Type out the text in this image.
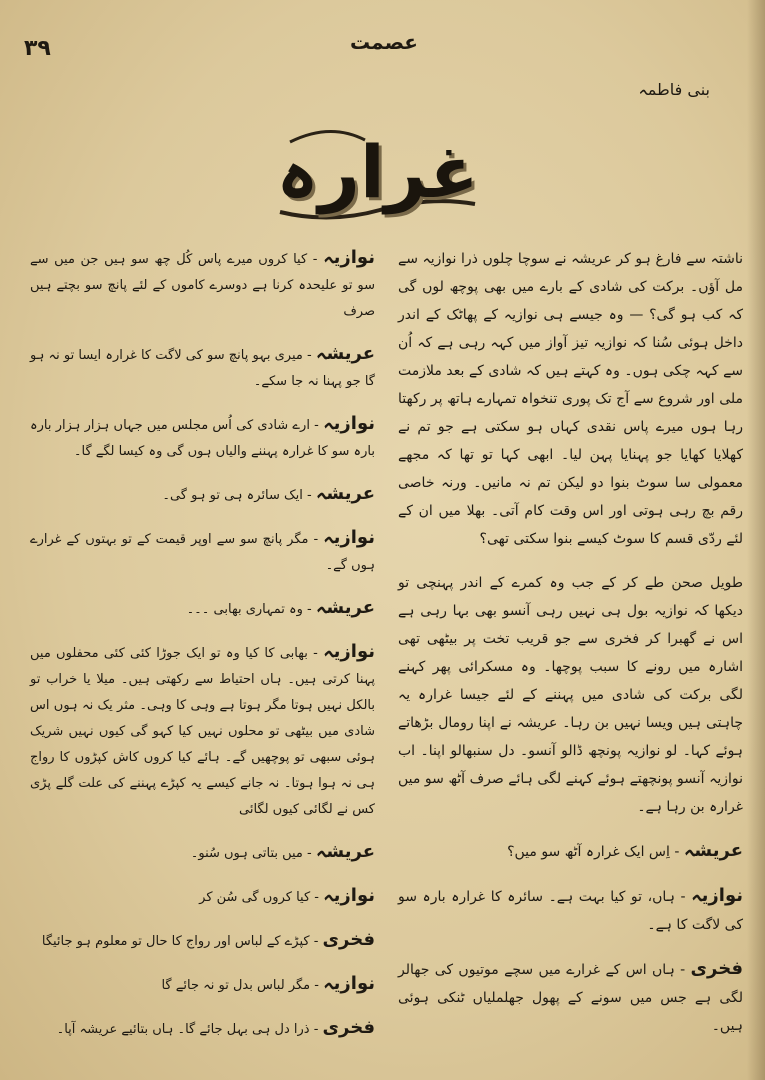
٣٩	عصمت
بنی فاطمہ
غرارہ

ناشتہ سے فارغ ہو کر عریشہ نے سوچا چلوں ذرا نوازیہ سے مل آؤں۔ برکت کی شادی کے بارے میں بھی پوچھ لوں گی کہ کب ہو گی؟ — وہ جیسے ہی نوازیہ کے پھاٹک کے اندر داخل ہوئی سُنا کہ نوازیہ تیز آواز میں کہہ رہی ہے کہ اُن سے کہہ چکی ہوں۔ وہ کہتے ہیں کہ شادی کے بعد ملازمت ملی اور شروع سے آج تک پوری تنخواہ تمہارے ہاتھ پر رکھتا رہا ہوں میرے پاس نقدی کہاں ہو سکتی ہے جو تم نے کھلایا کھایا جو پہنایا پہن لیا۔ ابھی کہا تو تھا کہ مجھے معمولی سا سوٹ بنوا دو لیکن تم نہ مانیں۔ ورنہ خاصی رقم بچ رہی ہوتی اور اس وقت کام آتی۔ بھلا میں ان کے لئے ردّی قسم کا سوٹ کیسے بنوا سکتی تھی؟

طویل صحن طے کر کے جب وہ کمرے کے اندر پہنچی تو دیکھا کہ نوازیہ بول ہی نہیں رہی آنسو بھی بہا رہی ہے اس نے گھبرا کر فخری سے جو قریب تخت پر بیٹھی تھی اشارہ میں رونے کا سبب پوچھا۔ وہ مسکرائی پھر کہنے لگی برکت کی شادی میں پہننے کے لئے جیسا غرارہ یہ چاہتی ہیں ویسا نہیں بن رہا۔ عریشہ نے اپنا رومال بڑھاتے ہوئے کہا۔ لو نوازیہ پونچھ ڈالو آنسو۔ دل سنبھالو اپنا۔ اب نوازیہ آنسو پونچھتے ہوئے کہنے لگی ہائے صرف آٹھ سو میں غرارہ بن رہا ہے۔

عریشہ - اِس ایک غرارہ آٹھ سو میں؟

نوازیہ - ہاں، تو کیا بہت ہے۔ سائرہ کا غرارہ بارہ سو کی لاگت کا ہے۔

فخری - ہاں اس کے غرارے میں سچے موتیوں کی جھالر لگی ہے جس میں سونے کے پھول جھلملیاں ٹنکی ہوئی ہیں۔

نوازیہ - کیا کروں میرے پاس کُل چھ سو ہیں جن میں سے سو تو علیحدہ کرنا ہے دوسرے کاموں کے لئے پانچ سو بچتے ہیں صرف

عریشہ - میری بہو پانچ سو کی لاگت کا غرارہ ایسا تو نہ ہو گا جو پہنا نہ جا سکے۔

نوازیہ - ارے شادی کی اُس مجلس میں جہاں ہزار ہزار بارہ بارہ سو کا غرارہ پہننے والیاں ہوں گی وہ کیسا لگے گا۔

عریشہ - ایک سائرہ ہی تو ہو گی۔

نوازیہ - مگر پانچ سو سے اوپر قیمت کے تو بہتوں کے غرارے ہوں گے۔

عریشہ - وہ تمہاری بھابی ۔۔۔

نوازیہ - بھابی کا کیا وہ تو ایک جوڑا کئی کئی محفلوں میں پہنا کرتی ہیں۔ ہاں احتیاط سے رکھتی ہیں۔ میلا یا خراب تو بالکل نہیں ہوتا مگر ہوتا ہے وہی کا وہی۔ مثر یک نہ ہوں اس شادی میں بیٹھی تو محلوں نہیں کیا کہو گی کیوں نہیں شریک ہوئی سبھی تو پوچھیں گے۔ ہائے کیا کروں کاش کپڑوں کا رواج ہی نہ ہوا ہوتا۔ نہ جانے کیسے یہ کپڑے پہننے کی علت گلے پڑی کس نے لگائی کیوں لگائی

عریشہ - میں بتاتی ہوں سُنو۔

نوازیہ - کیا کروں گی سُن کر

فخری - کپڑے کے لباس اور رواج کا حال تو معلوم ہو جائیگا

نوازیہ - مگر لباس بدل تو نہ جائے گا

فخری - ذرا دل ہی بہل جائے گا۔ ہاں بتائیے عریشہ آپا۔
